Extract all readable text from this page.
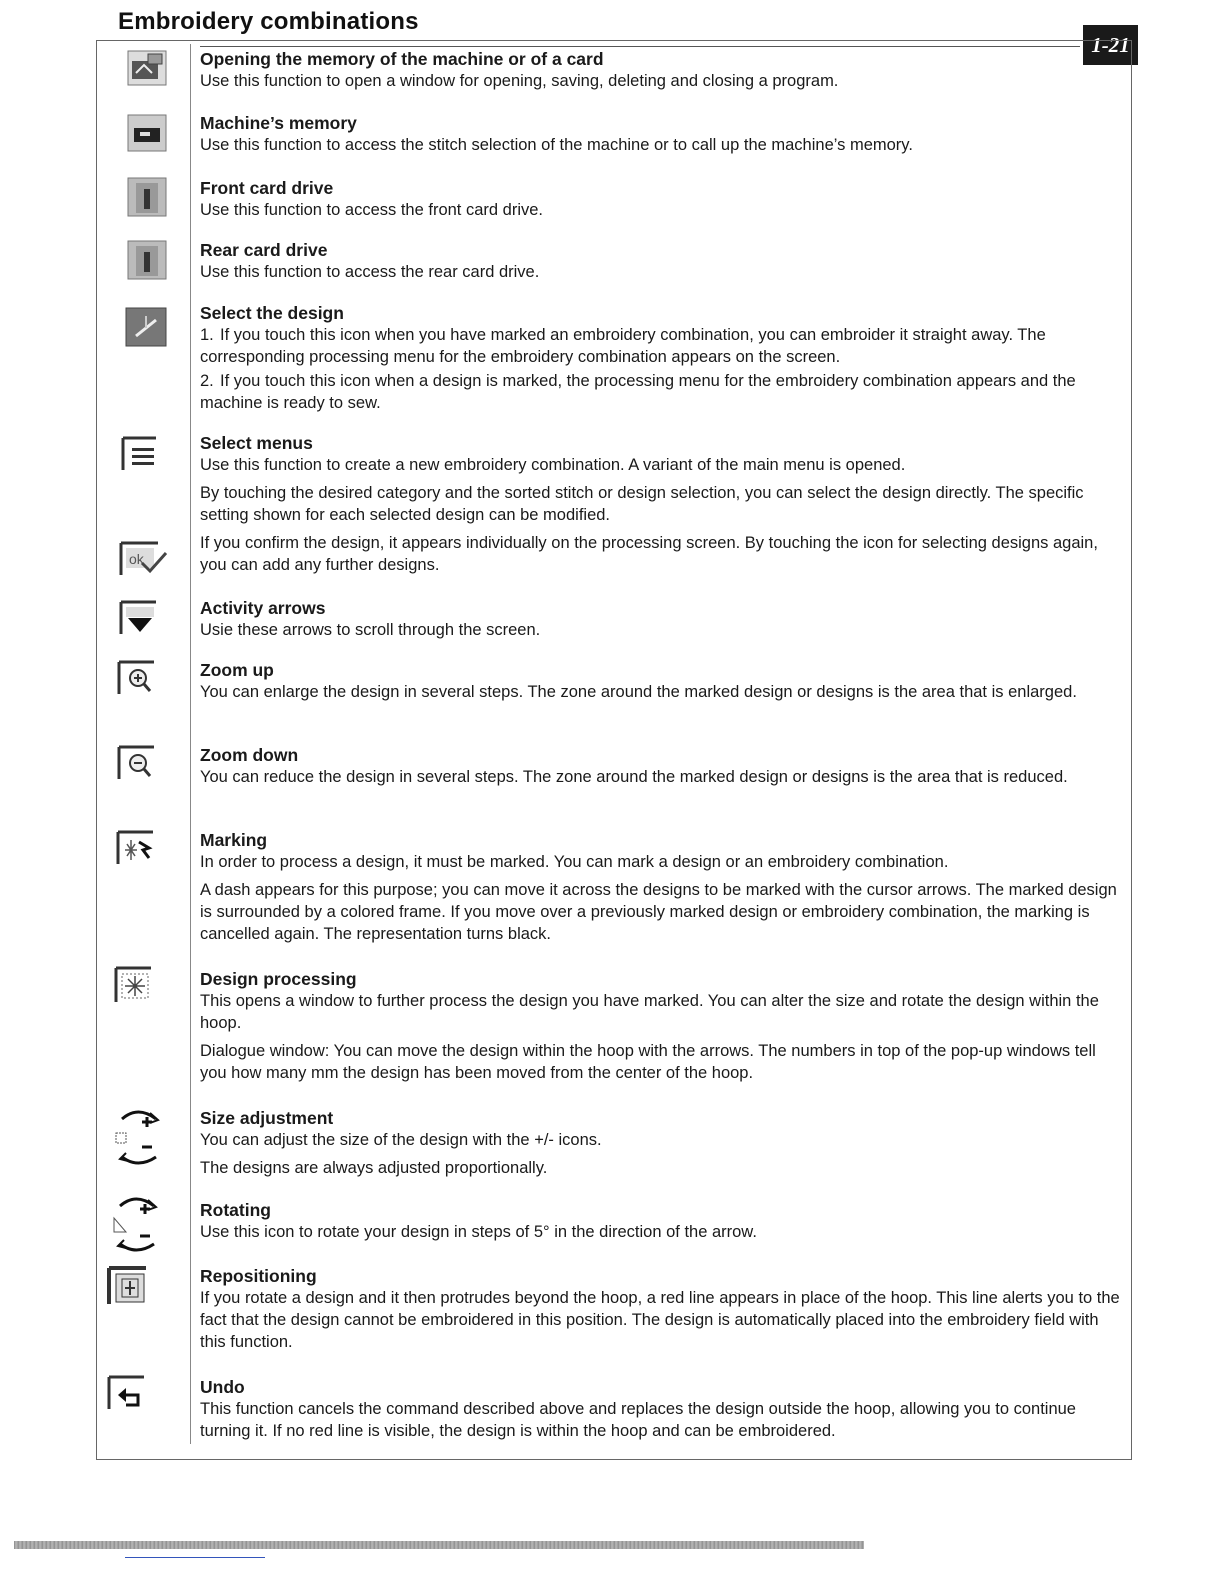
Embroidery combinations
1-21
ok

Opening the memory of the machine or of a card

Use this function to open a window for opening, saving, deleting and closing a program.

Machine’s memory

Use this function to access the stitch selection of the machine or to call up the machine’s memory.

Front card drive

Use this function to access the front card drive.

Rear card drive

Use this function to access the rear card drive.

Select the design

1. If you touch this icon when you have marked an embroidery combination, you can embroider it straight away. The corresponding processing menu for the embroidery combination appears on the screen.

2. If you touch this icon when a design is marked, the processing menu for the embroidery combination appears and the machine is ready to sew.

Select menus

Use this function to create a new embroidery combination. A variant of the main menu is opened.

By touching the desired category and the sorted stitch or design selection, you can select the design directly. The specific setting shown for each selected design can be modified.

If you confirm the design, it appears individually on the processing screen. By touching the icon for selecting designs again, you can add any further designs.

Activity arrows

Usie these arrows to scroll through the screen.

Zoom up

You can enlarge the design in several steps. The zone around the marked design or designs is the area that is enlarged.

Zoom down

You can reduce the design in several steps. The zone around the marked design or designs is the area that is reduced.

Marking

In order to process a design, it must be marked. You can mark a design or an embroidery combination.

A dash appears for this purpose; you can move it across the designs to be marked with the cursor arrows. The marked design is surrounded by a colored frame. If you move over a previously marked design or embroidery combination, the marking is cancelled again. The representation turns black.

Design processing

This opens a window to further process the design you have marked. You can alter the size and rotate the design within the hoop.

Dialogue window: You can move the design within the hoop with the arrows. The numbers in top of the pop-up windows tell you how many mm the design has been moved from the center of the hoop.

Size adjustment

You can adjust the size of the design with the +/- icons.

The designs are always adjusted proportionally.

Rotating

Use this icon to rotate your design in steps of 5° in the direction of the arrow.

Repositioning

If you rotate a design and it then protrudes beyond the hoop, a red line appears in place of the hoop. This line alerts you to the fact that the design cannot be embroidered in this position. The design is automatically placed into the embroidery field with this function.

Undo

This function cancels the command described above and replaces the design outside the hoop, allowing you to continue turning it. If no red line is visible, the design is within the hoop and can be embroidered.
